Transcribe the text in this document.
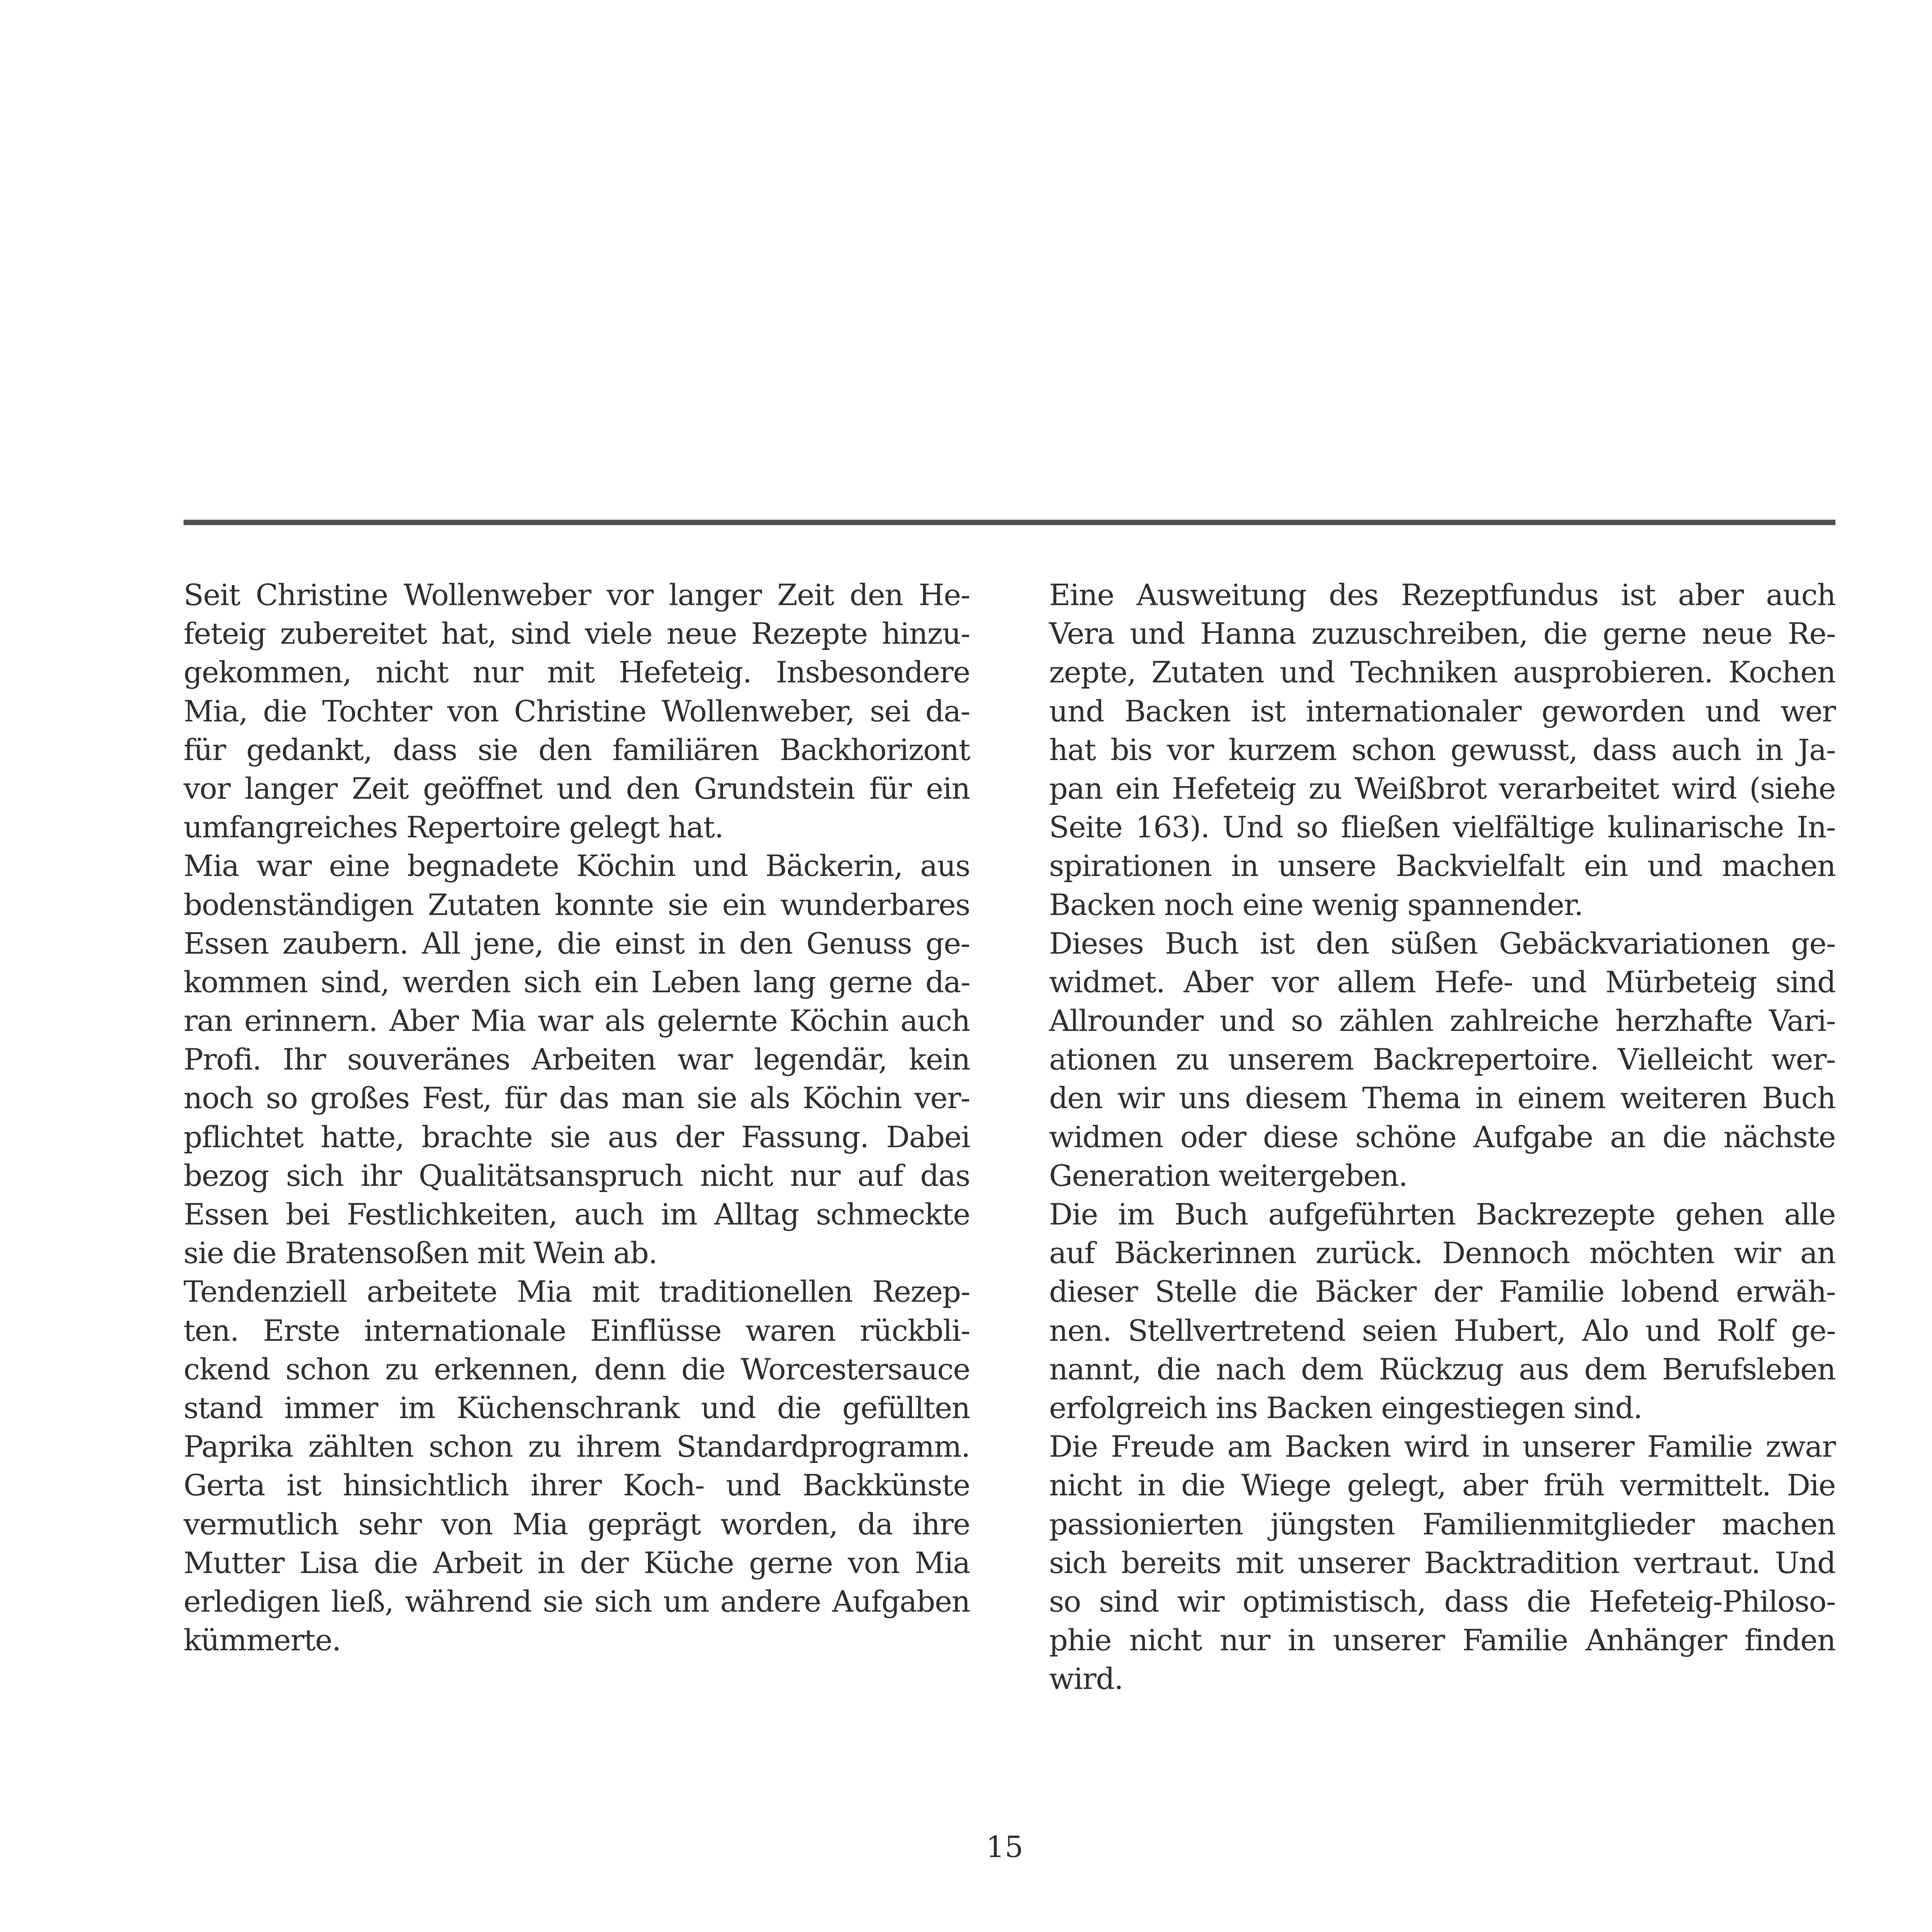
Seit Christine Wollenweber vor langer Zeit den He-
feteig zubereitet hat, sind viele neue Rezepte hinzu-
gekommen, nicht nur mit Hefeteig. Insbesondere
Mia, die Tochter von Christine Wollenweber, sei da-
für gedankt, dass sie den familiären Backhorizont
vor langer Zeit geöffnet und den Grundstein für ein
umfangreiches Repertoire gelegt hat.
Mia war eine begnadete Köchin und Bäckerin, aus
bodenständigen Zutaten konnte sie ein wunderbares
Essen zaubern. All jene, die einst in den Genuss ge-
kommen sind, werden sich ein Leben lang gerne da-
ran erinnern. Aber Mia war als gelernte Köchin auch
Profi. Ihr souveränes Arbeiten war legendär, kein
noch so großes Fest, für das man sie als Köchin ver-
pflichtet hatte, brachte sie aus der Fassung. Dabei
bezog sich ihr Qualitätsanspruch nicht nur auf das
Essen bei Festlichkeiten, auch im Alltag schmeckte
sie die Bratensoßen mit Wein ab.
Tendenziell arbeitete Mia mit traditionellen Rezep-
ten. Erste internationale Einflüsse waren rückbli-
ckend schon zu erkennen, denn die Worcestersauce
stand immer im Küchenschrank und die gefüllten
Paprika zählten schon zu ihrem Standardprogramm.
Gerta ist hinsichtlich ihrer Koch- und Backkünste
vermutlich sehr von Mia geprägt worden, da ihre
Mutter Lisa die Arbeit in der Küche gerne von Mia
erledigen ließ, während sie sich um andere Aufgaben
kümmerte.
Eine Ausweitung des Rezeptfundus ist aber auch
Vera und Hanna zuzuschreiben, die gerne neue Re-
zepte, Zutaten und Techniken ausprobieren. Kochen
und Backen ist internationaler geworden und wer
hat bis vor kurzem schon gewusst, dass auch in Ja-
pan ein Hefeteig zu Weißbrot verarbeitet wird (siehe
Seite 163). Und so fließen vielfältige kulinarische In-
spirationen in unsere Backvielfalt ein und machen
Backen noch eine wenig spannender.
Dieses Buch ist den süßen Gebäckvariationen ge-
widmet. Aber vor allem Hefe- und Mürbeteig sind
Allrounder und so zählen zahlreiche herzhafte Vari-
ationen zu unserem Backrepertoire. Vielleicht wer-
den wir uns diesem Thema in einem weiteren Buch
widmen oder diese schöne Aufgabe an die nächste
Generation weitergeben.
Die im Buch aufgeführten Backrezepte gehen alle
auf Bäckerinnen zurück. Dennoch möchten wir an
dieser Stelle die Bäcker der Familie lobend erwäh-
nen. Stellvertretend seien Hubert, Alo und Rolf ge-
nannt, die nach dem Rückzug aus dem Berufsleben
erfolgreich ins Backen eingestiegen sind.
Die Freude am Backen wird in unserer Familie zwar
nicht in die Wiege gelegt, aber früh vermittelt. Die
passionierten jüngsten Familienmitglieder machen
sich bereits mit unserer Backtradition vertraut. Und
so sind wir optimistisch, dass die Hefeteig-Philoso-
phie nicht nur in unserer Familie Anhänger finden
wird.
15
